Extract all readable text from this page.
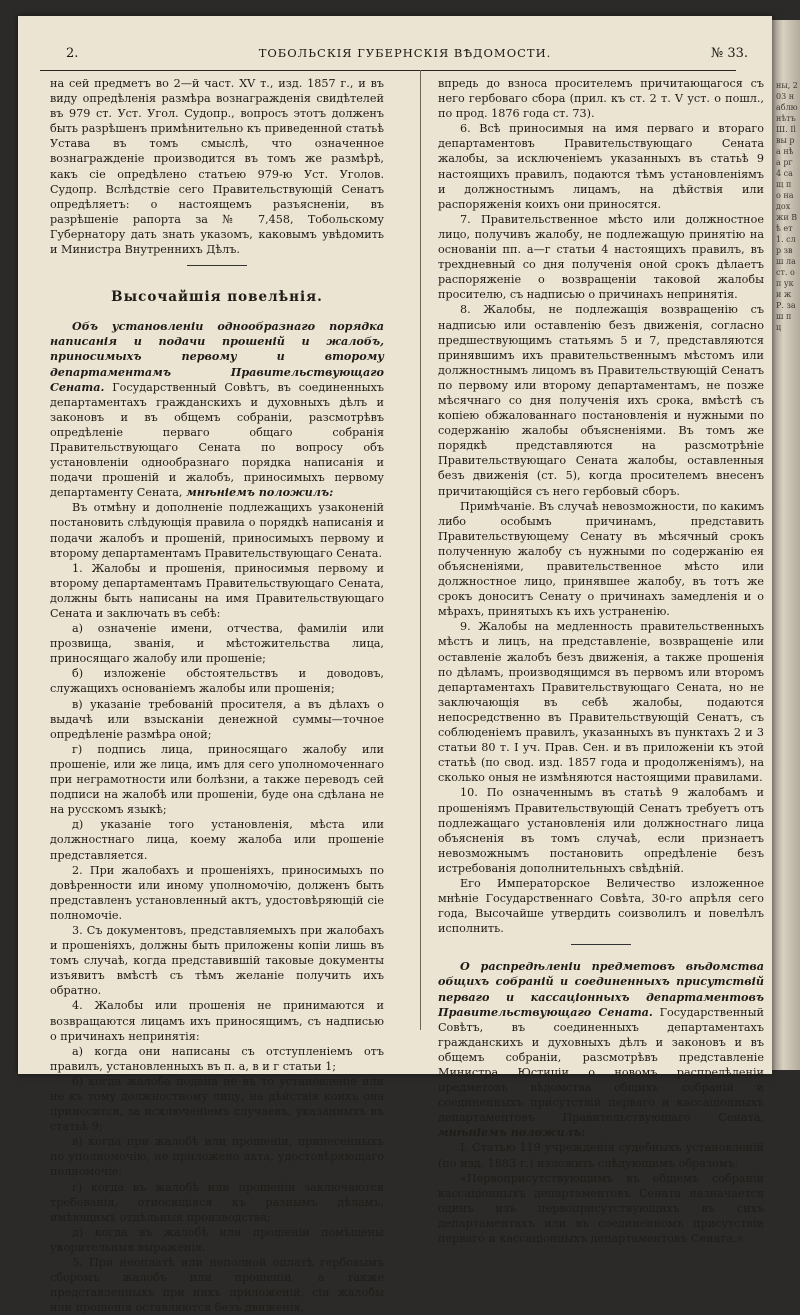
ны, 203 наблю нѣтъ Ш. Il вы ра нѣ а рг 4 са щ п о на дох жи Вѣ ет 1. сл р зв ш ла ст. оп ук и ж Р. за ш п ц
2.	ТОБОЛЬСКІЯ ГУБЕРНСКІЯ ВѢДОМОСТИ.	№ 33.

на сей предметъ во 2—й част. XV т., изд. 1857 г., и въ виду опредѣленія размѣра вознагражденія свидѣтелей въ 979 ст. Уст. Угол. Судопр., вопросъ этотъ долженъ быть разрѣшенъ примѣнительно къ приведенной статьѣ Устава въ томъ смыслѣ, что означенное вознагражденіе производится въ томъ же размѣрѣ, какъ сіе опредѣлено статьею 979-ю Уст. Уголов. Судопр. Вслѣдствіе сего Правительствующій Сенатъ опредѣляетъ: о настоящемъ разъясненіи, въ разрѣшеніе рапорта за № 7,458, Тобольскому Губернатору дать знать указомъ, каковымъ увѣдомить и Министра Внутреннихъ Дѣлъ.

Высочайшія повелѣнія.

Объ установленіи однообразнаго порядка написанія и подачи прошеній и жалобъ, приносимыхъ первому и второму департаментамъ Правительствующаго Сената. Государственный Совѣтъ, въ соединенныхъ департаментахъ гражданскихъ и духовныхъ дѣлъ и законовъ и въ общемъ собраніи, разсмотрѣвъ опредѣленіе перваго общаго собранія Правительствующаго Сената по вопросу объ установленіи однообразнаго порядка написанія и подачи прошеній и жалобъ, приносимыхъ первому департаменту Сената, мнѣніемъ положилъ:

Въ отмѣну и дополненіе подлежащихъ узаконеній постановить слѣдующія правила о порядкѣ написанія и подачи жалобъ и прошеній, приносимыхъ первому и второму департаментамъ Правительствующаго Сената.

1. Жалобы и прошенія, приносимыя первому и второму департаментамъ Правительствующаго Сената, должны быть написаны на имя Правительствующаго Сената и заключать въ себѣ:

а) означеніе имени, отчества, фамиліи или прозвища, званія, и мѣстожительства лица, приносящаго жалобу или прошеніе;

б) изложеніе обстоятельствъ и доводовъ, служащихъ основаніемъ жалобы или прошенія;

в) указаніе требованій просителя, а въ дѣлахъ о выдачѣ или взысканіи денежной суммы—точное опредѣленіе размѣра оной;

г) подпись лица, приносящаго жалобу или прошеніе, или же лица, имъ для сего уполномоченнаго при неграмотности или болѣзни, а также переводъ сей подписи на жалобѣ или прошеніи, буде она сдѣлана не на русскомъ языкѣ;

д) указаніе того установленія, мѣста или должностнаго лица, коему жалоба или прошеніе представляется.

2. При жалобахъ и прошеніяхъ, приносимыхъ по довѣренности или иному уполномочію, долженъ быть представленъ установленный актъ, удостовѣряющій сіе полномочіе.

3. Съ документовъ, представляемыхъ при жалобахъ и прошеніяхъ, должны быть приложены копіи лишь въ томъ случаѣ, когда представившій таковые документы изъявитъ вмѣстѣ съ тѣмъ желаніе получить ихъ обратно.

4. Жалобы или прошенія не принимаются и возвращаются лицамъ ихъ приносящимъ, съ надписью о причинахъ непринятія:

а) когда они написаны съ отступленіемъ отъ правилъ, установленныхъ въ п. а, в и г статьи 1;

б) когда жалоба подана не въ то установленіе или не къ тому должностному лицу, на дѣйствія коихъ она приносится, за исключеніемъ случаевъ, указанныхъ въ статьѣ 9;

в) когда при жалобѣ или прошеніи, принесенныхъ по уполномочію, не приложено акта, удостовѣряющаго полномочіе;

г) когда въ жалобѣ или прошеніи заключаются требованія, относящіяся къ разнымъ дѣламъ, имѣющимъ отдѣльныя производства;

д) когда въ жалобѣ или прошеніи помѣщены укорительныя выраженія.

5. При неоплатѣ или неполной оплатѣ гербовымъ сборомъ жалобъ или прошеній, а также представленныхъ при нихъ приложеній, сіи жалобы или прошенія оставляются безъ движенія,

впредь до взноса просителемъ причитающагося съ него гербоваго сбора (прил. къ ст. 2 т. V уст. о пошл., по прод. 1876 года ст. 73).

6. Всѣ приносимыя на имя перваго и втораго департаментовъ Правительствующаго Сената жалобы, за исключеніемъ указанныхъ въ статьѣ 9 настоящихъ правилъ, подаются тѣмъ установленіямъ и должностнымъ лицамъ, на дѣйствія или распоряженія коихъ они приносятся.

7. Правительственное мѣсто или должностное лицо, получивъ жалобу, не подлежащую принятію на основаніи пп. а—г статьи 4 настоящихъ правилъ, въ трехдневный со дня полученія оной срокъ дѣлаетъ распоряженіе о возвращеніи таковой жалобы просителю, съ надписью о причинахъ непринятія.

8. Жалобы, не подлежащія возвращенію съ надписью или оставленію безъ движенія, согласно предшествующимъ статьямъ 5 и 7, представляются принявшимъ ихъ правительственнымъ мѣстомъ или должностнымъ лицомъ въ Правительствующій Сенатъ по первому или второму департаментамъ, не позже мѣсячнаго со дня полученія ихъ срока, вмѣстѣ съ копіею обжалованнаго постановленія и нужными по содержанію жалобы объясненіями. Въ томъ же порядкѣ представляются на разсмотрѣніе Правительствующаго Сената жалобы, оставленныя безъ движенія (ст. 5), когда просителемъ внесенъ причитающійся съ него гербовый сборъ.

Примѣчаніе. Въ случаѣ невозможности, по какимъ либо особымъ причинамъ, представить Правительствующему Сенату въ мѣсячный срокъ полученную жалобу съ нужными по содержанію ея объясненіями, правительственное мѣсто или должностное лицо, принявшее жалобу, въ тотъ же срокъ доноситъ Сенату о причинахъ замедленія и о мѣрахъ, принятыхъ къ ихъ устраненію.

9. Жалобы на медленность правительственныхъ мѣстъ и лицъ, на представленіе, возвращеніе или оставленіе жалобъ безъ движенія, а также прошенія по дѣламъ, производящимся въ первомъ или второмъ департаментахъ Правительствующаго Сената, но не заключающія въ себѣ жалобы, подаются непосредственно въ Правительствующій Сенатъ, съ соблюденіемъ правилъ, указанныхъ въ пунктахъ 2 и 3 статьи 80 т. I уч. Прав. Сен. и въ приложеніи къ этой статьѣ (по свод. изд. 1857 года и продолженіямъ), на сколько оныя не измѣняются настоящими правилами.

10. По означеннымъ въ статьѣ 9 жалобамъ и прошеніямъ Правительствующій Сенатъ требуетъ отъ подлежащаго установленія или должностнаго лица объясненія въ томъ случаѣ, если признаетъ невозможнымъ постановить опредѣленіе безъ истребованія дополнительныхъ свѣдѣній.

Его Императорское Величество изложенное мнѣніе Государственнаго Совѣта, 30-го апрѣля сего года, Высочайше утвердить соизволилъ и повелѣлъ исполнить.

О распредѣленіи предметовъ вѣдомства общихъ собраній и соединенныхъ присутствій перваго и кассаціонныхъ департаментовъ Правительствующаго Сената. Государственный Совѣтъ, въ соединенныхъ департаментахъ гражданскихъ и духовныхъ дѣлъ и законовъ и въ общемъ собраніи, разсмотрѣвъ представленіе Министра Юстиціи о новомъ распредѣленіи предметовъ вѣдомства общихъ собраній и соединенныхъ присутствій перваго и кассаціонныхъ департаментовъ Правительствующаго Сената, мнѣніемъ положилъ:

I. Статью 119 учрежденія судебныхъ установленій (по изд. 1883 г.) изложить слѣдующимъ образомъ:

«Первоприсутствующимъ въ общемъ собраніи кассаціонныхъ департаментовъ Сената назначается одинъ изъ первоприсутствующихъ въ сихъ департаментахъ или въ соединенномъ присутствіи перваго и кассаціонныхъ департаментовъ Сената.»
